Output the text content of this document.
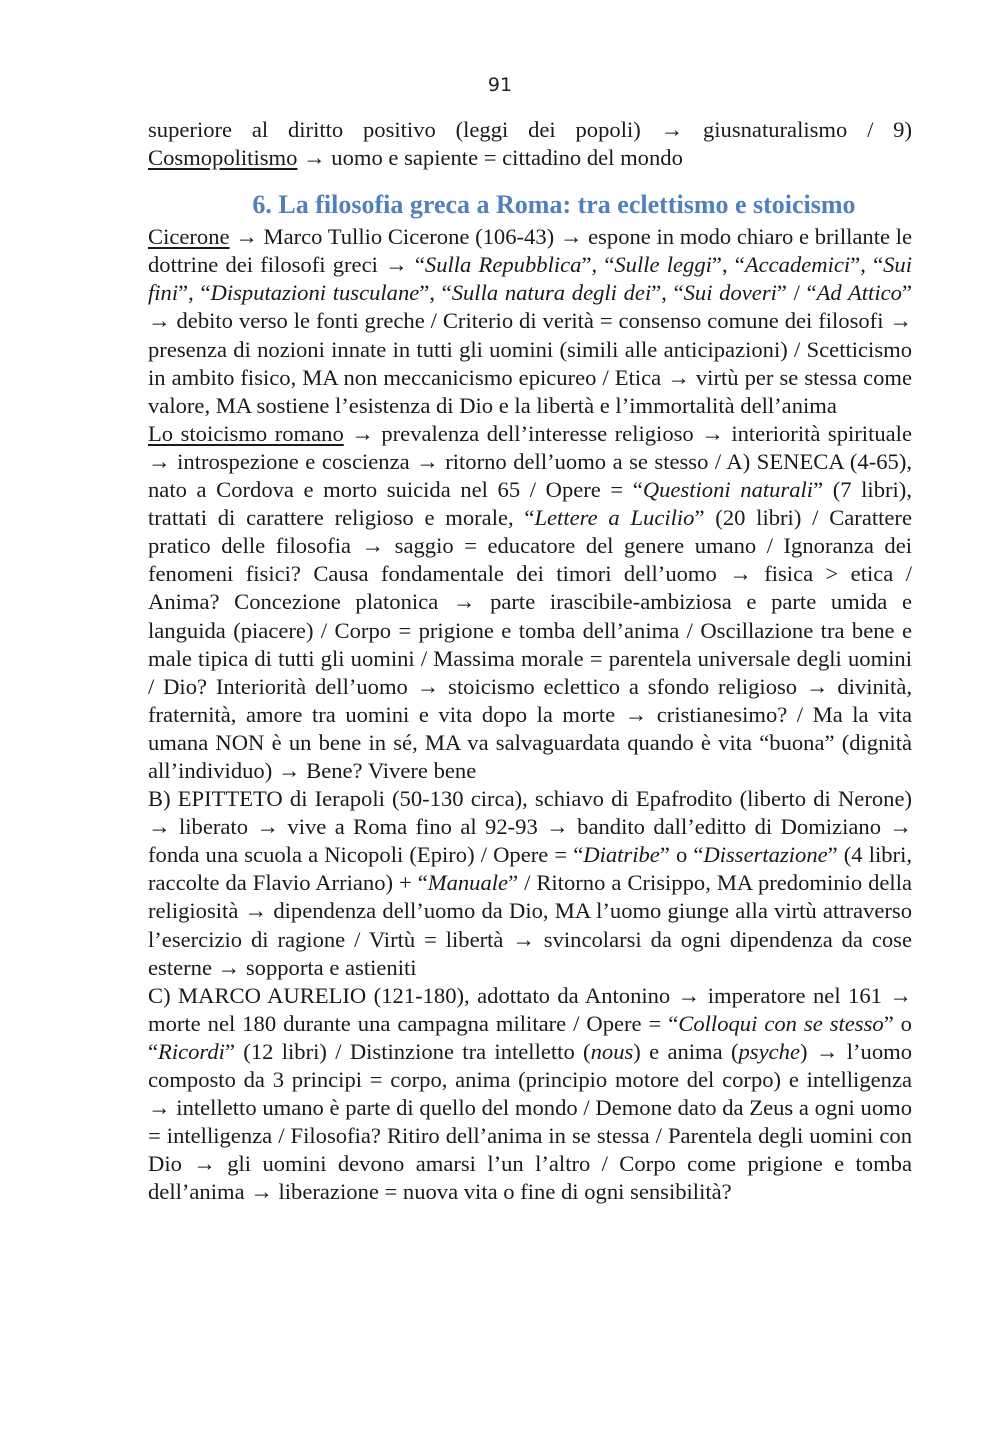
91

superiore al diritto positivo (leggi dei popoli) → giusnaturalismo / 9) Cosmopolitismo → uomo e sapiente = cittadino del mondo

6. La filosofia greca a Roma: tra eclettismo e stoicismo

Cicerone → Marco Tullio Cicerone (106-43) → espone in modo chiaro e brillante le dottrine dei filosofi greci → “Sulla Repubblica”, “Sulle leggi”, “Accademici”, “Sui fini”, “Disputazioni tusculane”, “Sulla natura degli dei”, “Sui doveri” / “Ad Attico” → debito verso le fonti greche / Criterio di verità = consenso comune dei filosofi → presenza di nozioni innate in tutti gli uomini (simili alle anticipazioni) / Scetticismo in ambito fisico, MA non meccanicismo epicureo / Etica → virtù per se stessa come valore, MA sostiene l’esistenza di Dio e la libertà e l’immortalità dell’anima

Lo stoicismo romano → prevalenza dell’interesse religioso → interiorità spirituale → introspezione e coscienza → ritorno dell’uomo a se stesso / A) SENECA (4-65), nato a Cordova e morto suicida nel 65 / Opere = “Questioni naturali” (7 libri), trattati di carattere religioso e morale, “Lettere a Lucilio” (20 libri) / Carattere pratico delle filosofia → saggio = educatore del genere umano / Ignoranza dei fenomeni fisici? Causa fondamentale dei timori dell’uomo → fisica > etica / Anima? Concezione platonica → parte irascibile-ambiziosa e parte umida e languida (piacere) / Corpo = prigione e tomba dell’anima / Oscillazione tra bene e male tipica di tutti gli uomini / Massima morale = parentela universale degli uomini / Dio? Interiorità dell’uomo → stoicismo eclettico a sfondo religioso → divinità, fraternità, amore tra uomini e vita dopo la morte → cristianesimo? / Ma la vita umana NON è un bene in sé, MA va salvaguardata quando è vita “buona” (dignità all’individuo) → Bene? Vivere bene

B) EPITTETO di Ierapoli (50-130 circa), schiavo di Epafrodito (liberto di Nerone) → liberato → vive a Roma fino al 92-93 → bandito dall’editto di Domiziano → fonda una scuola a Nicopoli (Epiro) / Opere = “Diatribe” o “Dissertazione” (4 libri, raccolte da Flavio Arriano) + “Manuale” / Ritorno a Crisippo, MA predominio della religiosità → dipendenza dell’uomo da Dio, MA l’uomo giunge alla virtù attraverso l’esercizio di ragione / Virtù = libertà → svincolarsi da ogni dipendenza da cose esterne → sopporta e astieniti

C) MARCO AURELIO (121-180), adottato da Antonino → imperatore nel 161 → morte nel 180 durante una campagna militare / Opere = “Colloqui con se stesso” o “Ricordi” (12 libri) / Distinzione tra intelletto (nous) e anima (psyche) → l’uomo composto da 3 principi = corpo, anima (principio motore del corpo) e intelligenza → intelletto umano è parte di quello del mondo / Demone dato da Zeus a ogni uomo = intelligenza / Filosofia? Ritiro dell’anima in se stessa / Parentela degli uomini con Dio → gli uomini devono amarsi l’un l’altro / Corpo come prigione e tomba dell’anima → liberazione = nuova vita o fine di ogni sensibilità?
